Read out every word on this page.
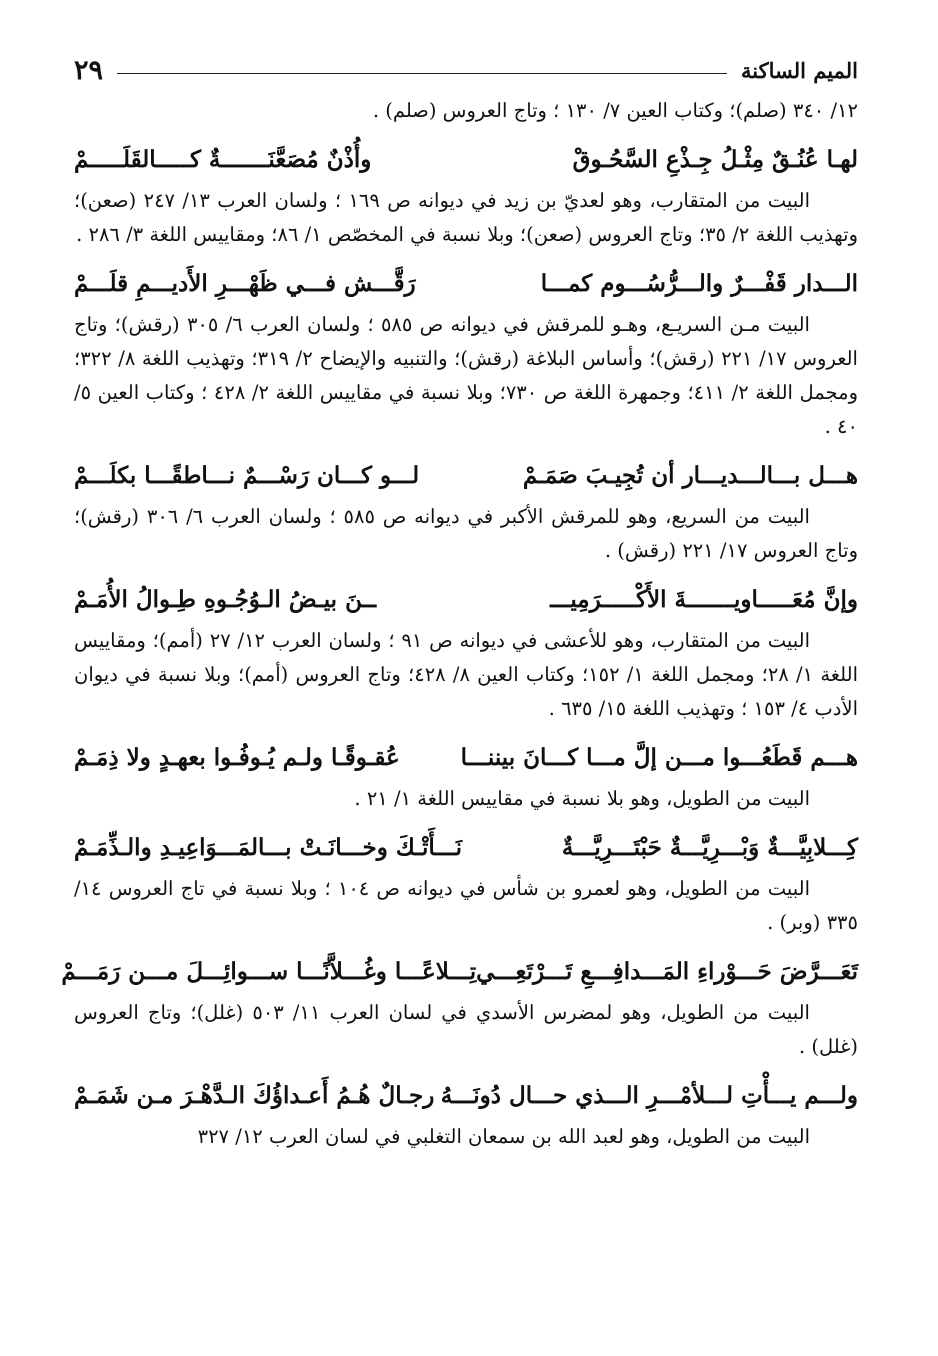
الميم الساكنة
٢٩
١٢/ ٣٤٠ (صلم)؛ وكتاب العين ٧/ ١٣٠ ؛ وتاج العروس (صلم) .
لهـا عُنُـقٌ مِثْـلُ جِـذْعِ السَّحُـوقْ
وأُذْنٌ مُصَعَّنَـــــــةٌ كـــــالقَلَـــــمْ
البيت من المتقارب، وهو لعديّ بن زيد في ديوانه ص ١٦٩ ؛ ولسان العرب ١٣/ ٢٤٧ (صعن)؛ وتهذيب اللغة ٢/ ٣٥؛ وتاج العروس (صعن)؛ وبلا نسبة في المخصّص ١/ ٨٦؛ ومقاييس اللغة ٣/ ٢٨٦ .
الـــدار قَفْـــرٌ والـــرُّسُـــوم كمـــا
رَقَّـــش فـــي ظَهْـــرِ الأَديـــمِ قلَـــمْ
البيت مـن السريـع، وهـو للمرقش في ديوانه ص ٥٨٥ ؛ ولسان العرب ٦/ ٣٠٥ (رقش)؛ وتاج العروس ١٧/ ٢٢١ (رقش)؛ وأساس البلاغة (رقش)؛ والتنبيه والإيضاح ٢/ ٣١٩؛ وتهذيب اللغة ٨/ ٣٢٢؛ ومجمل اللغة ٢/ ٤١١؛ وجمهرة اللغة ص ٧٣٠؛ وبلا نسبة في مقاييس اللغة ٢/ ٤٢٨ ؛ وكتاب العين ٥/ ٤٠ .
هـــل بـــالـــديـــار أن تُجِيـبَ صَمَـمْ
لـــو كـــان رَسْـــمٌ نـــاطقًـــا بكلَـــمْ
البيت من السريع، وهو للمرقش الأكبر في ديوانه ص ٥٨٥ ؛ ولسان العرب ٦/ ٣٠٦ (رقش)؛ وتاج العروس ١٧/ ٢٢١ (رقش) .
وإنَّ مُعَـــــاويـــــــةَ الأَكْـــــرَمِيـــ
ــنَ بيـضُ الـوُجُـوهِ طِـوالُ الأُمَـمْ
البيت من المتقارب، وهو للأعشى في ديوانه ص ٩١ ؛ ولسان العرب ١٢/ ٢٧ (أمم)؛ ومقاييس اللغة ١/ ٢٨؛ ومجمل اللغة ١/ ١٥٢؛ وكتاب العين ٨/ ٤٢٨؛ وتاج العروس (أمم)؛ وبلا نسبة في ديوان الأدب ٤/ ١٥٣ ؛ وتهذيب اللغة ١٥/ ٦٣٥ .
هـــم قَطَعُـــوا مـــن إلَّ مـــا كـــانَ بيننـــا
عُقـوقًـا ولـم يُـوفُـوا بعهـدٍ ولا ذِمَـمْ
البيت من الطويل، وهو بلا نسبة في مقاييس اللغة ١/ ٢١ .
كِـــلابِيَّـــةٌ وَبْـــرِيَّـــةٌ حَبْتَـــرِيَّـــةٌ
نَـــأَتْـكَ وخـــانَـتْ بـــالمَـــوَاعِيـدِ والـذِّمَـمْ
البيت من الطويل، وهو لعمرو بن شأس في ديوانه ص ١٠٤ ؛ وبلا نسبة في تاج العروس ١٤/ ٣٣٥ (وبر) .
تَعَـــرَّضَ حَـــوْراءِ المَـــدافِـــعِ تَـــرْتَعِـــي
تِـــلاعًـــا وغُـــلاَّنًـــا ســـوائِـــلَ مـــن رَمَـــمْ
البيت من الطويل، وهو لمضرس الأسدي في لسان العرب ١١/ ٥٠٣ (غلل)؛ وتاج العروس (غلل) .
ولـــم يـــأْتِ لـــلأمْـــرِ الـــذي حـــال دُونَـــهُ
رجـالٌ هُـمُ أَعـداؤُكَ الـدَّهْـرَ مـن شَمَـمْ
البيت من الطويل، وهو لعبد الله بن سمعان التغلبي في لسان العرب ١٢/ ٣٢٧
